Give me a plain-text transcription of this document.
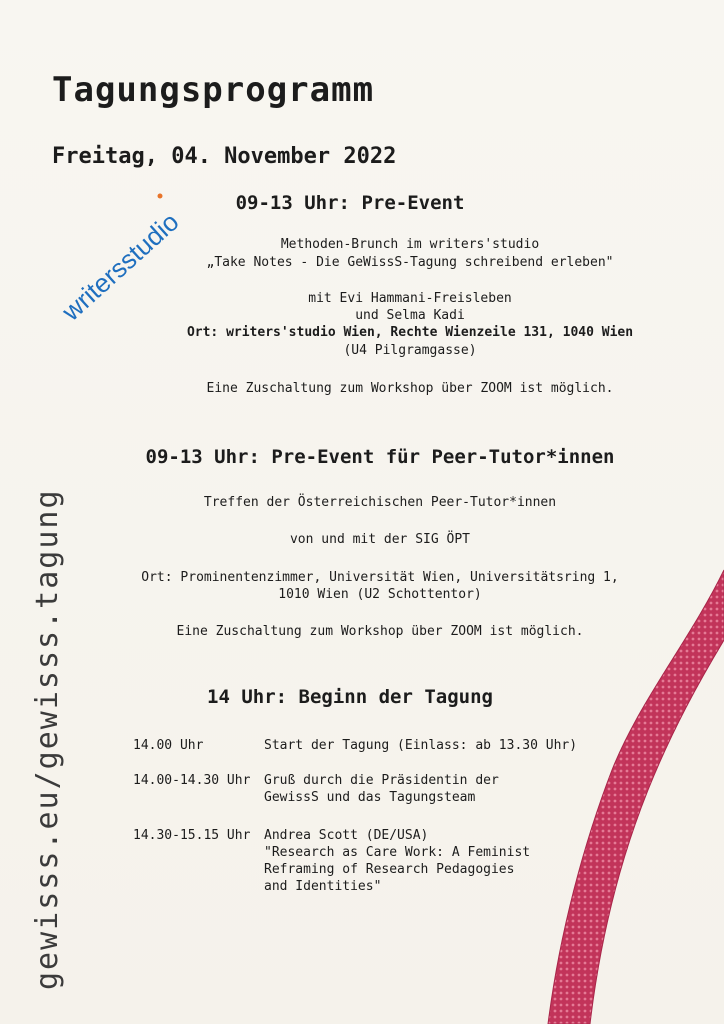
gewisss.eu/gewisss.tagung
writersstudio
Tagungsprogramm
Freitag, 04. November 2022
09-13 Uhr: Pre-Event
Methoden-Brunch im writers'studio
„Take Notes - Die GeWissS-Tagung schreibend erleben"
mit Evi Hammani-Freisleben
und Selma Kadi
Ort: writers'studio Wien, Rechte Wienzeile 131, 1040 Wien
(U4 Pilgramgasse)
Eine Zuschaltung zum Workshop über ZOOM ist möglich.
09-13 Uhr: Pre-Event für Peer-Tutor*innen
Treffen der Österreichischen Peer-Tutor*innen
von und mit der SIG ÖPT
Ort: Prominentenzimmer, Universität Wien, Universitätsring 1,
1010 Wien (U2 Schottentor)
Eine Zuschaltung zum Workshop über ZOOM ist möglich.
14 Uhr: Beginn der Tagung
14.00 Uhr	Start der Tagung (Einlass: ab 13.30 Uhr)
14.00-14.30 Uhr	Gruß durch die Präsidentin der
GewissS und das Tagungsteam
14.30-15.15 Uhr	Andrea Scott (DE/USA)
"Research as Care Work: A Feminist
Reframing of Research Pedagogies
and Identities"
